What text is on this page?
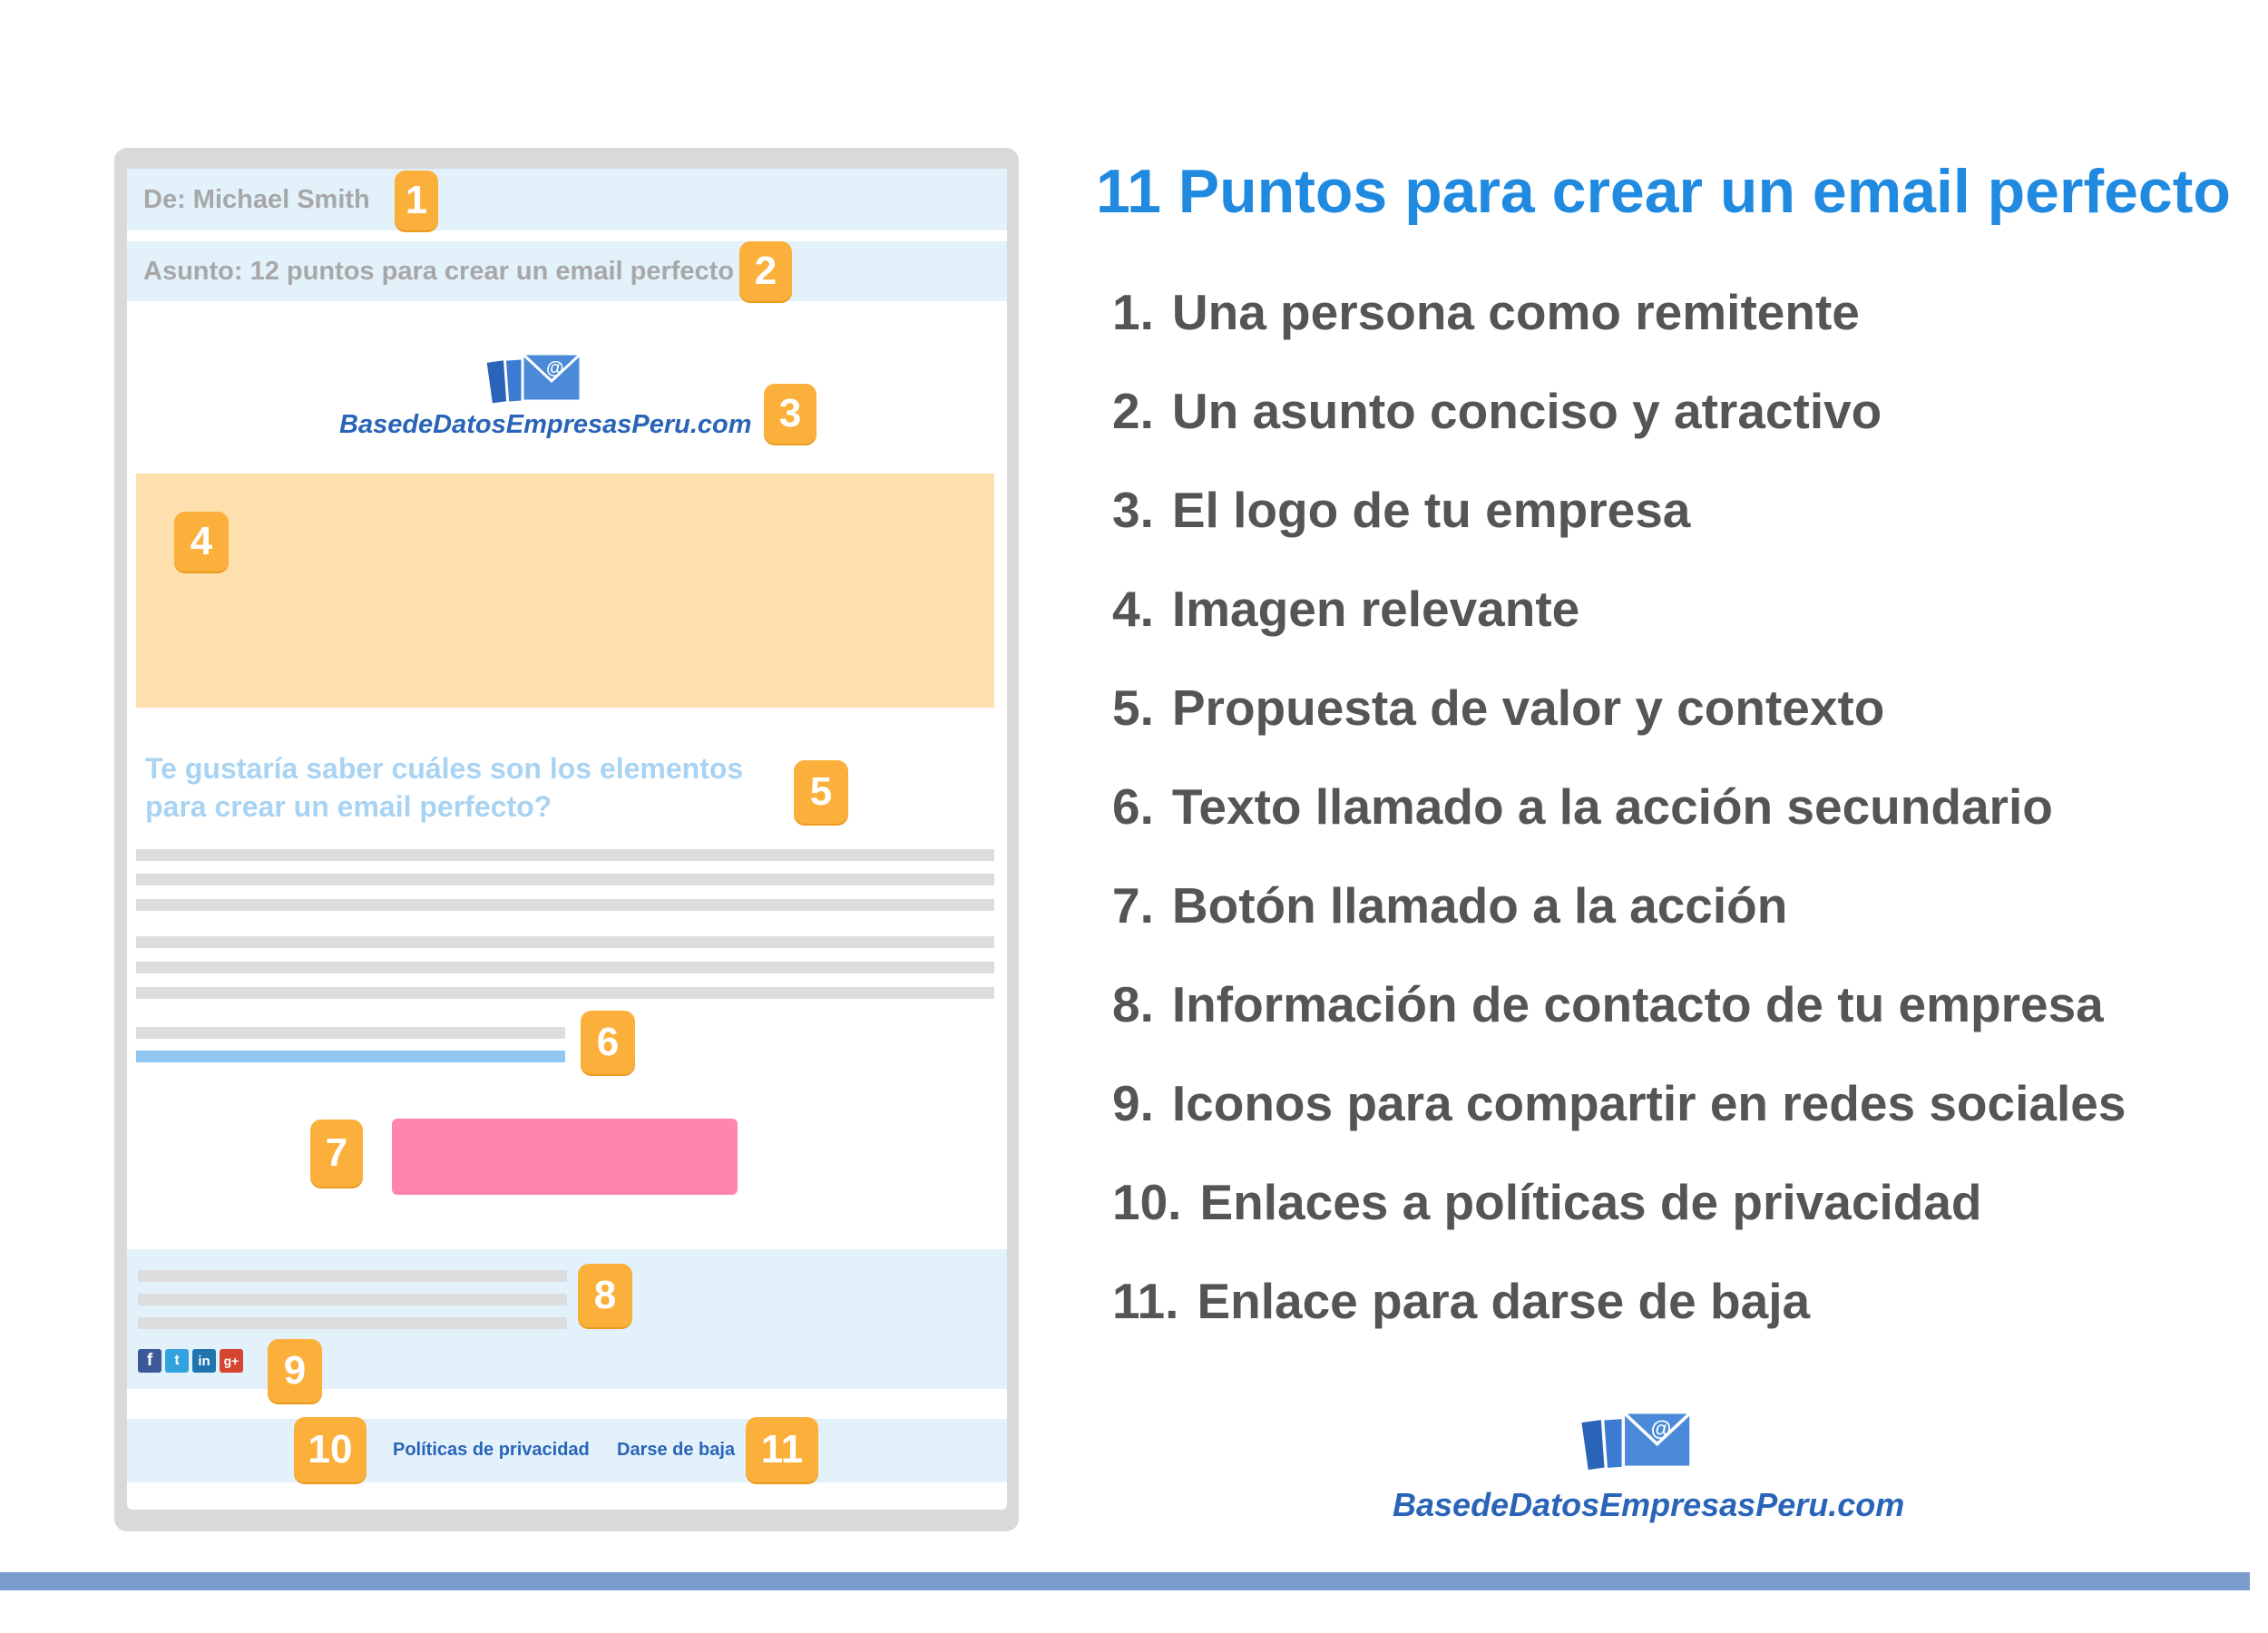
De: Michael Smith 1
Asunto: 12 puntos para crear un email perfecto 2
@
BasedeDatosEmpresasPeru.com 3
4
Te gustaría saber cuáles son los elementos para crear un email perfecto?	5
6
7
8
f	t	in	g+	9
10	Políticas de privacidad Darse de baja 11
11 Puntos para crear un email perfecto
1. Una persona como remitente
2. Un asunto conciso y atractivo
3. El logo de tu empresa
4. Imagen relevante
5. Propuesta de valor y contexto
6. Texto llamado a la acción secundario
7. Botón llamado a la acción
8. Información de contacto de tu empresa
9. Iconos para compartir en redes sociales
10. Enlaces a políticas de privacidad
11. Enlace para darse de baja
@
BasedeDatosEmpresasPeru.com
